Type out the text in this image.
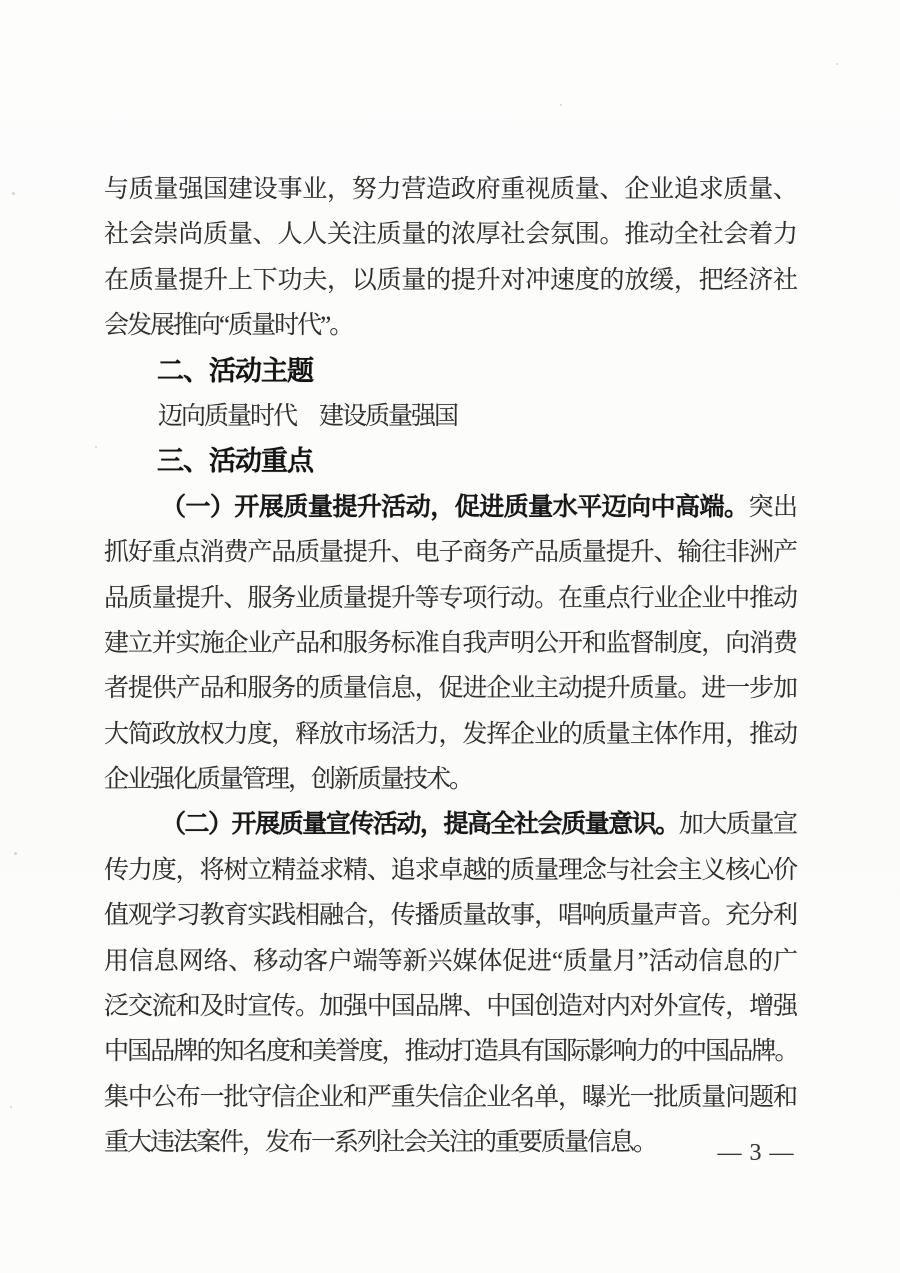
与质量强国建设事业，努力营造政府重视质量、企业追求质量、
社会崇尚质量、人人关注质量的浓厚社会氛围。推动全社会着力
在质量提升上下功夫，以质量的提升对冲速度的放缓，把经济社
会发展推向“质量时代”。
二、活动主题
迈向质量时代　建设质量强国
三、活动重点
（一）开展质量提升活动，促进质量水平迈向中高端。突出
抓好重点消费产品质量提升、电子商务产品质量提升、输往非洲产
品质量提升、服务业质量提升等专项行动。在重点行业企业中推动
建立并实施企业产品和服务标准自我声明公开和监督制度，向消费
者提供产品和服务的质量信息，促进企业主动提升质量。进一步加
大简政放权力度，释放市场活力，发挥企业的质量主体作用，推动
企业强化质量管理，创新质量技术。
（二）开展质量宣传活动，提高全社会质量意识。加大质量宣
传力度，将树立精益求精、追求卓越的质量理念与社会主义核心价
值观学习教育实践相融合，传播质量故事，唱响质量声音。充分利
用信息网络、移动客户端等新兴媒体促进“质量月”活动信息的广
泛交流和及时宣传。加强中国品牌、中国创造对内对外宣传，增强
中国品牌的知名度和美誉度，推动打造具有国际影响力的中国品牌。
集中公布一批守信企业和严重失信企业名单，曝光一批质量问题和
重大违法案件，发布一系列社会关注的重要质量信息。	— 3 —
